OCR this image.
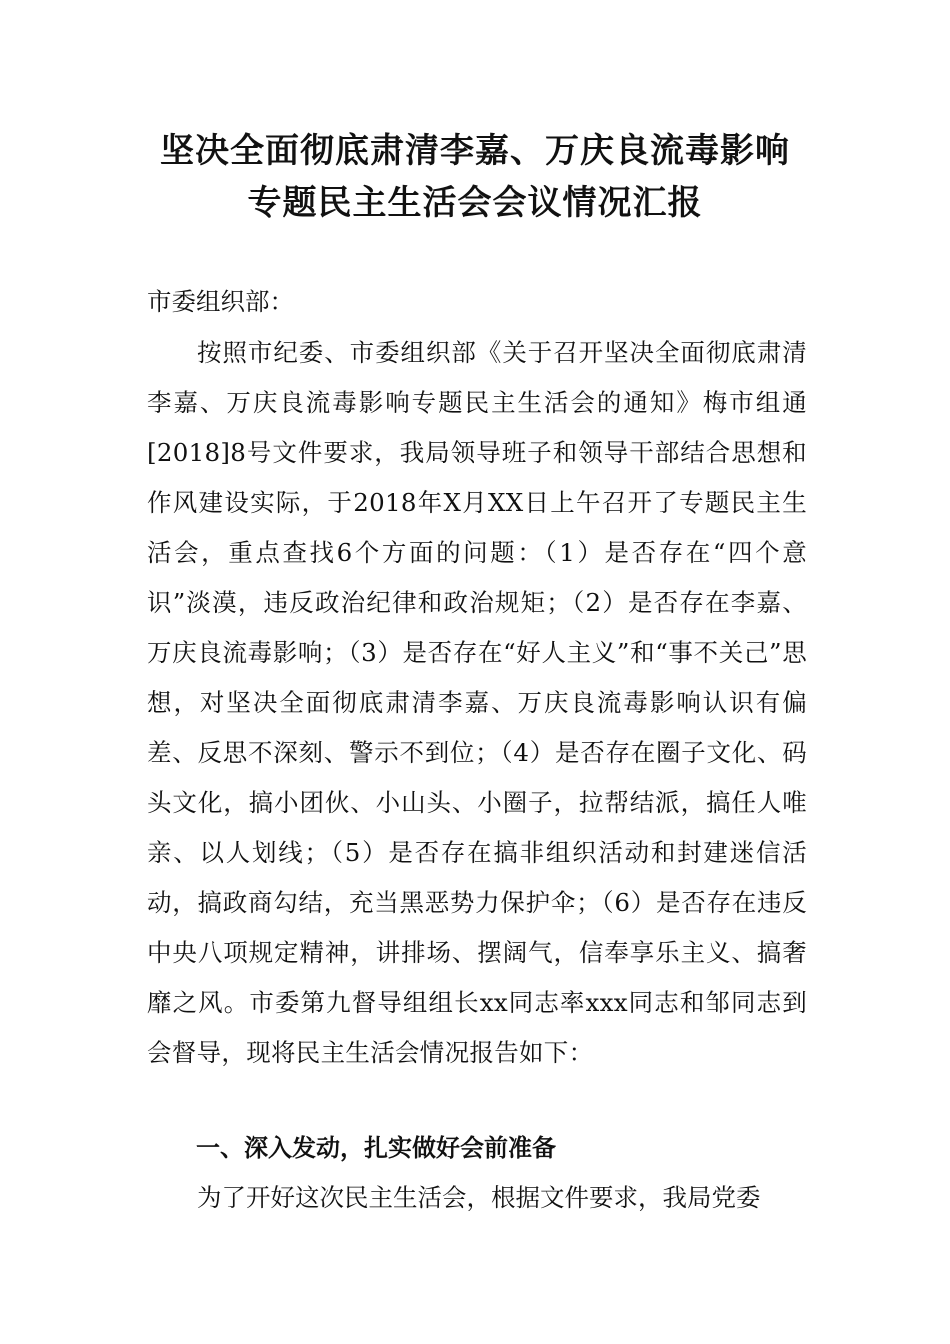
坚决全面彻底肃清李嘉、万庆良流毒影响
专题民主生活会会议情况汇报

市委组织部：

按照市纪委、市委组织部《关于召开坚决全面彻底肃清李嘉、万庆良流毒影响专题民主生活会的通知》梅市组通[2018]8号文件要求，我局领导班子和领导干部结合思想和作风建设实际，于2018年X月XX日上午召开了专题民主生活会，重点查找6个方面的问题：（1）是否存在“四个意识”淡漠，违反政治纪律和政治规矩；（2）是否存在李嘉、万庆良流毒影响；（3）是否存在“好人主义”和“事不关己”思想，对坚决全面彻底肃清李嘉、万庆良流毒影响认识有偏差、反思不深刻、警示不到位；（4）是否存在圈子文化、码头文化，搞小团伙、小山头、小圈子，拉帮结派，搞任人唯亲、以人划线；（5）是否存在搞非组织活动和封建迷信活动，搞政商勾结，充当黑恶势力保护伞；（6）是否存在违反中央八项规定精神，讲排场、摆阔气，信奉享乐主义、搞奢靡之风。市委第九督导组组长xx同志率xxx同志和邹同志到会督导，现将民主生活会情况报告如下：

一、深入发动，扎实做好会前准备

为了开好这次民主生活会，根据文件要求，我局党委
